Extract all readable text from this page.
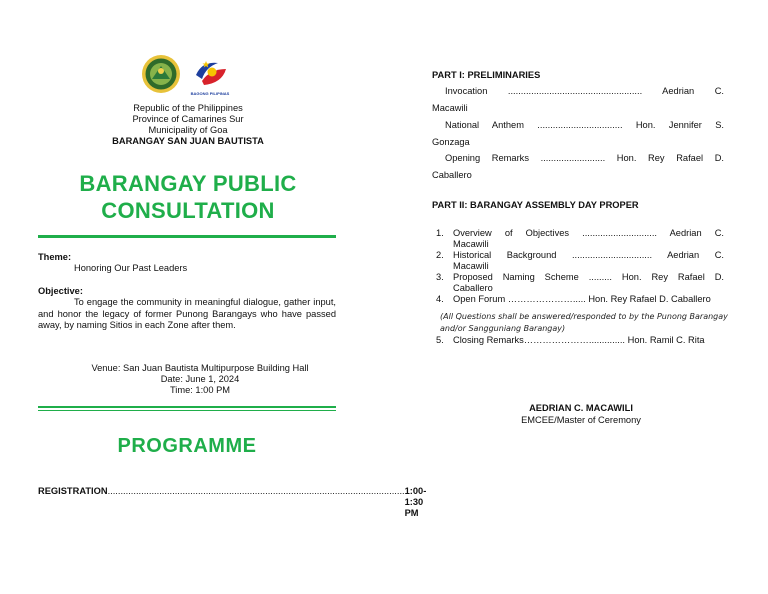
BAGONG PILIPINAS
Republic of the Philippines
Province of Camarines Sur
Municipality of Goa
BARANGAY SAN JUAN BAUTISTA
BARANGAY PUBLIC
CONSULTATION
Theme:
Honoring Our Past Leaders
Objective:
To engage the community in meaningful dialogue, gather input, and honor the legacy of former Punong Barangays who have passed away, by naming Sitios in each Zone after them.
Venue: San Juan Bautista Multipurpose Building Hall
Date: June 1, 2024
Time: 1:00 PM
PROGRAMME
REGISTRATION ................................................................................................................... 1:00-1:30 PM
PART I: PRELIMINARIES
Invocation .................................................... Aedrian C.
Macawili
National Anthem ................................. Hon. Jennifer S.
Gonzaga
Opening Remarks ......................... Hon. Rey Rafael D.
Caballero
PART II: BARANGAY ASSEMBLY DAY PROPER
1. Overview of Objectives ............................. Aedrian C.
Macawili
2. Historical Background ............................... Aedrian C.
Macawili
3. Proposed Naming Scheme ......... Hon. Rey Rafael D.
Caballero
4. Open Forum …………………..... Hon. Rey Rafael D. Caballero
(All Questions shall be answered/responded to by the Punong Barangay
and/or Sangguniang Barangay)
5. Closing Remarks………………….............. Hon. Ramil C. Rita
AEDRIAN C. MACAWILI
EMCEE/Master of Ceremony
